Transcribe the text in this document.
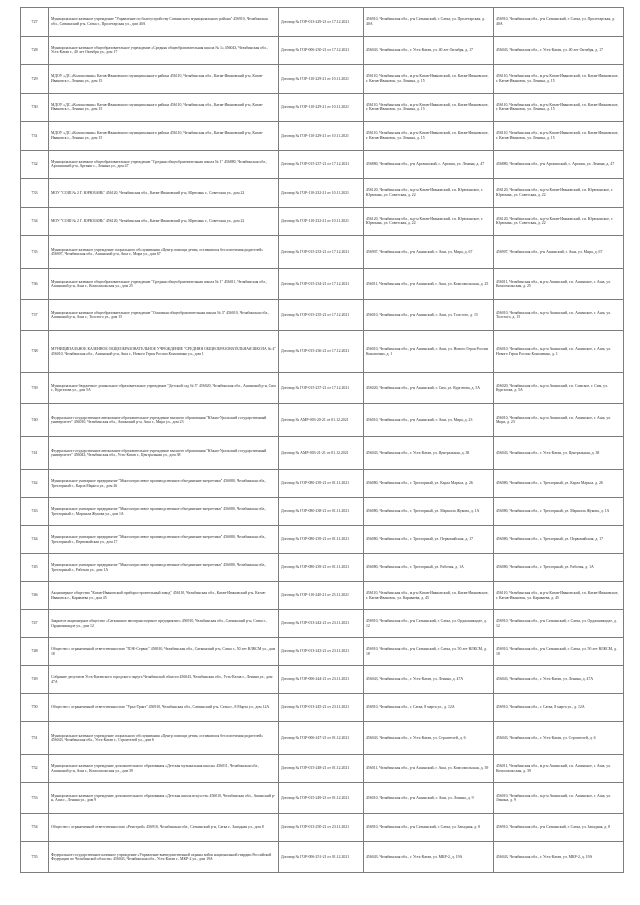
727	Муниципальное казенное учреждение "Управление по благоустройству Саткинского муниципального района" 456910, Челябинская обл., Саткинский р-н, Сатка г., Пролетарская ул., дом 40А	Договор № ГОР-013-229-21 от 17.12.2021	456910, Челябинская обл., р-н Саткинский, г. Сатка, ул. Пролетарская, д. 40А	456910, Челябинская обл., р-н Саткинский, г. Сатка, ул. Пролетарская, д. 40А
728	Муниципальное казенное общеобразовательное учреждение «Средняя общеобразовательная школа № 1» 456043, Челябинская обл., Усть-Катав г., 40 лет Октября ул., дом 17	Договор № ГОР-006-230-21 от 17.12.2021	456043, Челябинская обл., г. Усть-Катав, ул. 40 лет Октября, д. 17	456043, Челябинская обл., г. Усть-Катав, ул. 40 лет Октября, д. 17
729	МДОУ «ДС «Колокольчик» Катав-Ивановского муниципального района 456110, Челябинская обл., Катав-Ивановский р-н, Катав-Ивановск г., Ленина ул., дом 15	Договор № ГОР-110-229-21 от 10.11.2021	456110, Челябинская обл., м.р-н Катав-Ивановский, г.п. Катав-Ивановское, г. Катав-Ивановск, ул. Ленина, д. 15	456110, Челябинская обл., м.р-н Катав-Ивановский, г.п. Катав-Ивановское, г. Катав-Ивановск, ул. Ленина, д. 15
730	МДОУ «ДС «Колокольчик» Катав-Ивановского муниципального района 456110, Челябинская обл., Катав-Ивановский р-н, Катав-Ивановск г., Ленина ул., дом 15	Договор № ГОР-110-229-21 от 10.11.2021	456110, Челябинская обл., м.р-н Катав-Ивановский, г.п. Катав-Ивановское, г. Катав-Ивановск, ул. Ленина, д. 15	456110, Челябинская обл., м.р-н Катав-Ивановский, г.п. Катав-Ивановское, г. Катав-Ивановск, ул. Ленина, д. 15
731	МДОУ «ДС «Колокольчик» Катав-Ивановского муниципального района 456110, Челябинская обл., Катав-Ивановский р-н, Катав-Ивановск г., Ленина ул., дом 15	Договор № ГОР-110-229-21 от 10.11.2021	456110, Челябинская обл., м.р-н Катав-Ивановский, г.п. Катав-Ивановское, г. Катав-Ивановск, ул. Ленина, д. 15	456110, Челябинская обл., м.р-н Катав-Ивановский, г.п. Катав-Ивановское, г. Катав-Ивановск, ул. Ленина, д. 15
732	Муниципальное казенное общеобразовательное учреждение "Средняя общеобразовательная школа № 1" 456880, Челябинская обл., Аргаяшский р-н, Аргаяш с., Ленина ул., дом 47	Договор № ГОР-015-237-21 от 17.12.2021	456880, Челябинская обл., р-н Аргаяшский, с. Аргаяш, ул. Ленина, д. 47	456880, Челябинская обл., р-н Аргаяшский, с. Аргаяш, ул. Ленина, д. 47
733	МОУ "СОШ № 2 Г. ЮРЮЗАНЬ" 456120, Челябинская обл., Катав-Ивановский р-н, Юрюзань г., Советская ул., дом 22	Договор № ГОР-110-232-21 от 10.11.2021	456120, Челябинская обл., м.р-н Катав-Ивановский, г.п. Юрюзанское, г. Юрюзань, ул. Советская, д. 22	456120, Челябинская обл., м.р-н Катав-Ивановский, г.п. Юрюзанское, г. Юрюзань, ул. Советская, д. 22
734	МОУ "СОШ № 2 Г. ЮРЮЗАНЬ" 456120, Челябинская обл., Катав-Ивановский р-н, Юрюзань г., Советская ул., дом 22	Договор № ГОР-110-232-21 от 10.11.2021	456120, Челябинская обл., м.р-н Катав-Ивановский, г.п. Юрюзанское, г. Юрюзань, ул. Советская, д. 22	456120, Челябинская обл., м.р-н Катав-Ивановский, г.п. Юрюзанское, г. Юрюзань, ул. Советская, д. 22
735	Муниципальное казенное учреждение социального обслуживания «Центр помощи детям, оставшимся без попечения родителей» 456907, Челябинская обл., Ашинский р-н, Аша г., Мира ул., дом 67	Договор № ГОР-015-233-21 от 17.12.2021	456907, Челябинская обл., р-н Ашинский, г. Аша, ул. Мира, д. 67	456907, Челябинская обл., р-н Ашинский, г. Аша, ул. Мира, д. 67
736	Муниципальное казенное общеобразовательное учреждение "Средняя общеобразовательная школа № 1" 456011, Челябинская обл., Ашинский р-н, Аша г., Комсомольская ул., дом 25	Договор № ГОР-015-234-21 от 17.12.2021	456011, Челябинская обл., р-н Ашинский, г. Аша, ул. Комсомольская, д. 25	456011, Челябинская обл., м.р-н Ашинский, г.п. Ашинское, г. Аша, ул. Комсомольская, д. 25
737	Муниципальное казенное общеобразовательное учреждение "Основная общеобразовательная школа № 3" 456010, Челябинская обл., Ашинский р-н, Аша г., Толстого ул., дом 15	Договор № ГОР-015-235-21 от 17.12.2021	456010, Челябинская обл., р-н Ашинский, г. Аша, ул. Толстого, д. 15	456010, Челябинская обл., м.р-н Ашинский, г.п. Ашинское, г. Аша, ул. Толстого, д. 15
738	МУНИЦИПАЛЬНОЕ КАЗЕННОЕ ОБЩЕОБРАЗОВАТЕЛЬНОЕ УЧРЕЖДЕНИЕ "СРЕДНЯЯ ОБЩЕОБРАЗОВАТЕЛЬНАЯ ШКОЛА № 4" 456010, Челябинская обл., Ашинский р-н, Аша г., Нового Героя России Коношенко ул., дом 1	Договор № ГОР-015-236-21 от 17.12.2021	456010, Челябинская обл., р-н Ашинский, г. Аша, ул. Нового Героя России Коношенко, д. 1	456010, Челябинская обл., м.р-н Ашинский, г.п. Ашинское, г. Аша, ул. Нового Героя России Коношенко, д. 1
739	Муниципальное бюджетное дошкольное образовательное учреждение "Детский сад № 5" 456020, Челябинская обл., Ашинский р-н, Сим г., Кургатова ул., дом 5А	Договор № ГОР-015-237-21 от 17.12.2021	456020, Челябинская обл., р-н Ашинский, г. Сим, ул. Кургатова, д. 5А	456020, Челябинская обл., м.р-н Ашинский, г.п. Симское, г. Сим, ул. Кургатова, д. 5А
740	Федеральное государственное автономное образовательное учреждение высшего образования "Южно-Уральский государственный университет" 456010, Челябинская обл., Ашинский р-н, Аша г., Мира ул., дом 23	Договор № АМР-003-20-21 от 01.12.2021	456010, Челябинская обл., р-н Ашинский, г. Аша, ул. Мира, д. 23	456010, Челябинская обл., м.р-н Ашинский, г.п. Ашинское, г. Аша, ул. Мира, д. 23
741	Федеральное государственное автономное образовательное учреждение высшего образования "Южно-Уральский государственный университет" 456043, Челябинская обл., Усть-Катав г., Центральная ул., дом 38	Договор № АМР-003-21-21 от 01.12.2021	456043, Челябинская обл., г. Усть-Катав, ул. Центральная, д. 38	456043, Челябинская обл., г. Усть-Катав, ул. Центральная, д. 38
742	Муниципальное унитарное предприятие "Многоотраслевое производственное объединение энергетики" 456080, Челябинская обл., Трехгорный г., Карла Маркса ул., дом 26	Договор № ГОР-080-239-21 от 01.11.2021	456080, Челябинская обл., г. Трехгорный, ул. Карла Маркса, д. 26	456080, Челябинская обл., г. Трехгорный, ул. Карла Маркса, д. 26
743	Муниципальное унитарное предприятие "Многоотраслевое производственное объединение энергетики" 456080, Челябинская обл., Трехгорный г., Маршала Жукова ул., дом 1А	Договор № ГОР-080-238-21 от 01.11.2021	456080, Челябинская обл., г. Трехгорный, ул. Маршала Жукова, д. 1А	456080, Челябинская обл., г. Трехгорный, ул. Маршала Жукова, д. 1А
744	Муниципальное унитарное предприятие "Многоотраслевое производственное объединение энергетики" 456080, Челябинская обл., Трехгорный г., Первомайская ул., дом 17	Договор № ГОР-080-239-21 от 01.11.2021	456080, Челябинская обл., г. Трехгорный, ул. Первомайская, д. 17	456080, Челябинская обл., г. Трехгорный, ул. Первомайская, д. 17
745	Муниципальное унитарное предприятие "Многоотраслевое производственное объединение энергетики" 456080, Челябинская обл., Трехгорный г., Рабочая ул., дом 1А	Договор № ГОР-080-239-21 от 01.11.2021	456080, Челябинская обл., г. Трехгорный, ул. Рабочая, д. 1А	456080, Челябинская обл., г. Трехгорный, ул. Рабочая, д. 1А
746	Акционерное общество "Катав-Ивановский приборостроительный завод" 456110, Челябинская обл., Катав-Ивановский р-н, Катав-Ивановск г., Караваева ул., дом 45	Договор № ГОР-110-240-21 от 23.11.2021	456110, Челябинская обл., м.р-н Катав-Ивановский, г.п. Катав-Ивановское, г. Катав-Ивановск, ул. Караваева, д. 45	456110, Челябинская обл., м.р-н Катав-Ивановский, г.п. Катав-Ивановское, г. Катав-Ивановск, ул. Караваева, д. 45
747	Закрытое акционерное общество «Саткинское автотранспортное предприятие» 456910, Челябинская обл., Саткинский р-н, Сатка г., Орджоникидзе ул., дом 12	Договор № ГОР-013-242-21 от 23.11.2021	456910, Челябинская обл., р-н Саткинский, г. Сатка, ул. Орджоникидзе, д. 12	456910, Челябинская обл., р-н Саткинский, г. Сатка, ул. Орджоникидзе, д. 12
748	Общество с ограниченной ответственностью "ПЭЕ-Сервис" 456910, Челябинская обл., Саткинский р-н, Сатка г., 50 лет ВЛКСМ ул., дом 18	Договор № ГОР-013-243-21 от 23.11.2021	456910, Челябинская обл., р-н Саткинский, г. Сатка, ул. 50 лет ВЛКСМ, д. 18	456910, Челябинская обл., р-н Саткинский, г. Сатка, ул. 50 лет ВЛКСМ, д. 18
749	Собрание депутатов Усть-Катавского городского округа Челябинской области 456043, Челябинская обл., Усть-Катав г., Ленина ул., дом 47А	Договор № ГОР-006-244-21 от 23.11.2021	456043, Челябинская обл., г. Усть-Катав, ул. Ленина, д. 47А	456043, Челябинская обл., г. Усть-Катав, ул. Ленина, д. 47А
750	Общество с ограниченной ответственностью "Урал-Тракт" 456910, Челябинская обл., Саткинский р-н, Сатка г., 8 Марта ул., дом 12А	Договор № ГОР-013-245-21 от 23.11.2021	456910, Челябинская обл., г. Сатка, 8 марта ул., д. 12А	456910, Челябинская обл., г. Сатка, 8 марта ул., д. 12А
751	Муниципальное казенное учреждение социального обслуживания «Центр помощи детям, оставшимся без попечения родителей» 456043, Челябинская обл., Усть-Катав г., Строителей ул., дом 6	Договор № ГОР-006-247-21 от 01.12.2021	456043, Челябинская обл., г. Усть-Катав, ул. Строителей, д. 6	456043, Челябинская обл., г. Усть-Катав, ул. Строителей, д. 6
752	Муниципальное казенное учреждение дополнительного образования «Детская музыкальная школа» 456011, Челябинская обл., Ашинский р-н, Аша г., Комсомольская ул., дом 39	Договор № ГОР-015-248-21 от 01.12.2021	456011, Челябинская обл., р-н Ашинский, г. Аша, ул. Комсомольская, д. 39	456011, Челябинская обл., м.р-н Ашинский, г.п. Ашинское, г. Аша, ул. Комсомольская, д. 39
753	Муниципальное казенное учреждение дополнительного образования «Детская школа искусств» 456010, Челябинская обл., Ашинский р-н, Аша г., Ленина ул., дом 9	Договор № ГОР-015-249-21 от 01.12.2021	456010, Челябинская обл., р-н Ашинский, г. Аша, ул. Ленина, д. 9	456010, Челябинская обл., м.р-н Ашинский, г.п. Ашинское, г. Аша, ул. Ленина, д. 9
754	Общество с ограниченной ответственностью «Ремстрой» 456910, Челябинская обл., Саткинский р-н, Сатка г., Западная ул., дом 8	Договор № ГОР-013-250-21 от 23.11.2021	456910, Челябинская обл., р-н Саткинский, г. Сатка, ул. Западная, д. 8	456910, Челябинская обл., р-н Саткинский, г. Сатка, ул. Западная, д. 8
755	Федеральное государственное казенное учреждение «Управление вневедомственной охраны войск национальной гвардии Российской Федерации по Челябинской области» 456043, Челябинская обл., Усть-Катав г., МКР-2 ул., дом 19А	Договор № ГОР-006-251-21 от 01.12.2021	456043, Челябинская обл., г. Усть-Катав, ул. МКР-2, д. 19А	456043, Челябинская обл., г. Усть-Катав, ул. МКР-2, д. 19А
